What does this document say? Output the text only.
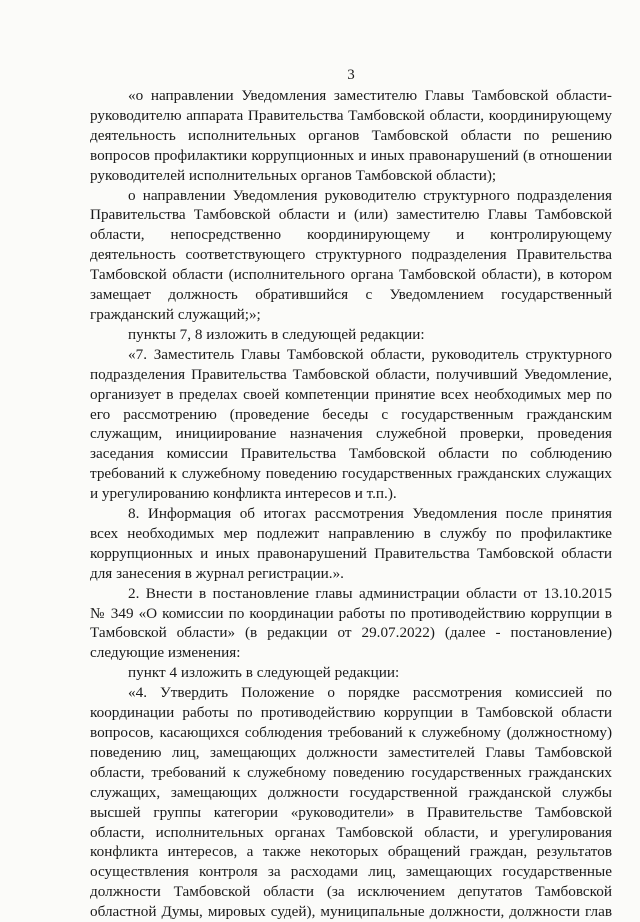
3
«о направлении Уведомления заместителю Главы Тамбовской области-
руководителю аппарата Правительства Тамбовской области, координирующему
деятельность исполнительных органов Тамбовской области по решению
вопросов профилактики коррупционных и иных правонарушений (в отношении
руководителей исполнительных органов Тамбовской области);
о направлении Уведомления руководителю структурного подразделения
Правительства Тамбовской области и (или) заместителю Главы Тамбовской
области, непосредственно координирующему и контролирующему
деятельность соответствующего структурного подразделения Правительства
Тамбовской области (исполнительного органа Тамбовской области), в котором
замещает должность обратившийся с Уведомлением государственный
гражданский служащий;»;
пункты 7, 8 изложить в следующей редакции:
«7. Заместитель Главы Тамбовской области, руководитель структурного
подразделения Правительства Тамбовской области, получивший Уведомление,
организует в пределах своей компетенции принятие всех необходимых мер по
его рассмотрению (проведение беседы с государственным гражданским
служащим, инициирование назначения служебной проверки, проведения
заседания комиссии Правительства Тамбовской области по соблюдению
требований к служебному поведению государственных гражданских служащих
и урегулированию конфликта интересов и т.п.).
8. Информация об итогах рассмотрения Уведомления после принятия
всех необходимых мер подлежит направлению в службу по профилактике
коррупционных и иных правонарушений Правительства Тамбовской области
для занесения в журнал регистрации.».
2. Внести в постановление главы администрации области от 13.10.2015
№ 349 «О комиссии по координации работы по противодействию коррупции в
Тамбовской области» (в редакции от 29.07.2022) (далее - постановление)
следующие изменения:
пункт 4 изложить в следующей редакции:
«4. Утвердить Положение о порядке рассмотрения комиссией по
координации работы по противодействию коррупции в Тамбовской области
вопросов, касающихся соблюдения требований к служебному (должностному)
поведению лиц, замещающих должности заместителей Главы Тамбовской
области, требований к служебному поведению государственных гражданских
служащих, замещающих должности государственной гражданской службы
высшей группы категории «руководители» в Правительстве Тамбовской
области, исполнительных органах Тамбовской области, и урегулирования
конфликта интересов, а также некоторых обращений граждан, результатов
осуществления контроля за расходами лиц, замещающих государственные
должности Тамбовской области (за исключением депутатов Тамбовской
областной Думы, мировых судей), муниципальные должности, должности глав
